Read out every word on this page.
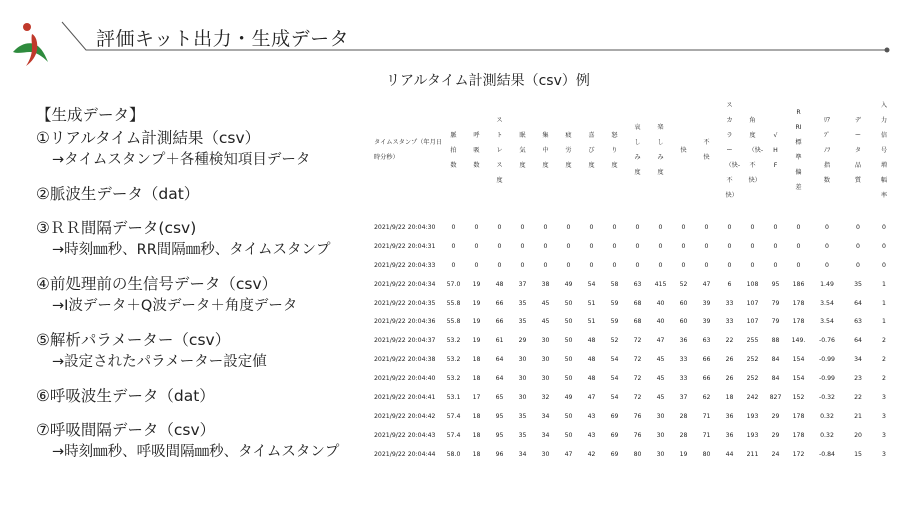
評価キット出力・生成データ
リアルタイム計測結果（csv）例
【生成データ】
①リアルタイム計測結果（csv）
→タイムスタンプ＋各種検知項目データ
②脈波生データ（dat）
③ＲＲ間隔データ(csv)
→時刻㎜秒、RR間隔㎜秒、タイムスタンプ
④前処理前の生信号データ（csv）
→I波データ＋Q波データ＋角度データ
⑤解析パラメーター（csv）
→設定されたパラメーター設定値
⑥呼吸波生データ（dat）
⑦呼吸間隔データ（csv）
→時刻㎜秒、呼吸間隔㎜秒、タイムスタンプ
タイムスタンプ（年月日時分秒）	脈拍数	呼吸数	ストレス度	眠気度	集中度	疲労度	喜び度	怒り度	哀しみ度	楽しみ度	快	不快	スカラー（快-不快）	角度（快-不快）	√HF	RRI標準偏差	ﾘｱﾌﾟﾉﾌ指数	データ品質	入力信号増幅率
2021/9/22 20:04:30	0	0	0	0	0	0	0	0	0	0	0	0	0	0	0	0	0	0	0
2021/9/22 20:04:31	0	0	0	0	0	0	0	0	0	0	0	0	0	0	0	0	0	0	0
2021/9/22 20:04:33	0	0	0	0	0	0	0	0	0	0	0	0	0	0	0	0	0	0	0
2021/9/22 20:04:34	57.0	19	48	37	38	49	54	58	63	415	52	47	6	108	95	186	1.49	35	1
2021/9/22 20:04:35	55.8	19	66	35	45	50	51	59	68	40	60	39	33	107	79	178	3.54	64	1
2021/9/22 20:04:36	55.8	19	66	35	45	50	51	59	68	40	60	39	33	107	79	178	3.54	63	1
2021/9/22 20:04:37	53.2	19	61	29	30	50	48	52	72	47	36	63	22	255	88	149.	-0.76	64	2
2021/9/22 20:04:38	53.2	18	64	30	30	50	48	54	72	45	33	66	26	252	84	154	-0.99	34	2
2021/9/22 20:04:40	53.2	18	64	30	30	50	48	54	72	45	33	66	26	252	84	154	-0.99	23	2
2021/9/22 20:04:41	53.1	17	65	30	32	49	47	54	72	45	37	62	18	242	827	152	-0.32	22	3
2021/9/22 20:04:42	57.4	18	95	35	34	50	43	69	76	30	28	71	36	193	29	178	0.32	21	3
2021/9/22 20:04:43	57.4	18	95	35	34	50	43	69	76	30	28	71	36	193	29	178	0.32	20	3
2021/9/22 20:04:44	58.0	18	96	34	30	47	42	69	80	30	19	80	44	211	24	172	-0.84	15	3
